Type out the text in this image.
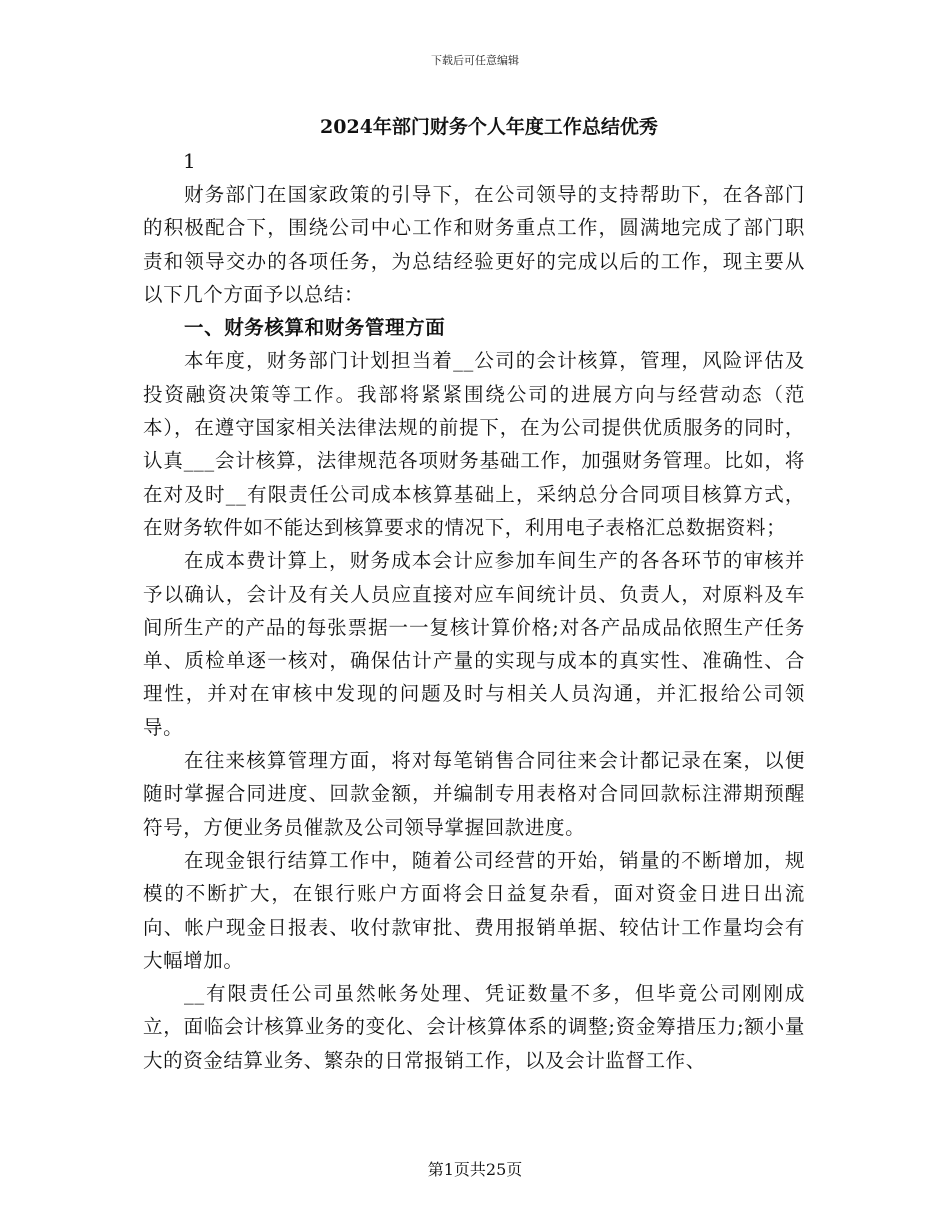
下载后可任意编辑
2024年部门财务个人年度工作总结优秀
1

财务部门在国家政策的引导下，在公司领导的支持帮助下，在各部门的积极配合下，围绕公司中心工作和财务重点工作，圆满地完成了部门职责和领导交办的各项任务，为总结经验更好的完成以后的工作，现主要从以下几个方面予以总结：

一、财务核算和财务管理方面

本年度，财务部门计划担当着__公司的会计核算，管理，风险评估及投资融资决策等工作。我部将紧紧围绕公司的进展方向与经营动态（范本），在遵守国家相关法律法规的前提下，在为公司提供优质服务的同时，认真___会计核算，法律规范各项财务基础工作，加强财务管理。比如，将在对及时__有限责任公司成本核算基础上，采纳总分合同项目核算方式，在财务软件如不能达到核算要求的情况下，利用电子表格汇总数据资料；

在成本费计算上，财务成本会计应参加车间生产的各各环节的审核并予以确认，会计及有关人员应直接对应车间统计员、负责人，对原料及车间所生产的产品的每张票据一一复核计算价格;对各产品成品依照生产任务单、质检单逐一核对，确保估计产量的实现与成本的真实性、准确性、合理性，并对在审核中发现的问题及时与相关人员沟通，并汇报给公司领导。

在往来核算管理方面，将对每笔销售合同往来会计都记录在案，以便随时掌握合同进度、回款金额，并编制专用表格对合同回款标注滞期预醒符号，方便业务员催款及公司领导掌握回款进度。

在现金银行结算工作中，随着公司经营的开始，销量的不断增加，规模的不断扩大，在银行账户方面将会日益复杂看，面对资金日进日出流向、帐户现金日报表、收付款审批、费用报销单据、较估计工作量均会有大幅增加。

__有限责任公司虽然帐务处理、凭证数量不多，但毕竟公司刚刚成立，面临会计核算业务的变化、会计核算体系的调整;资金筹措压力;额小量大的资金结算业务、繁杂的日常报销工作，以及会计监督工作、

第1页共25页
